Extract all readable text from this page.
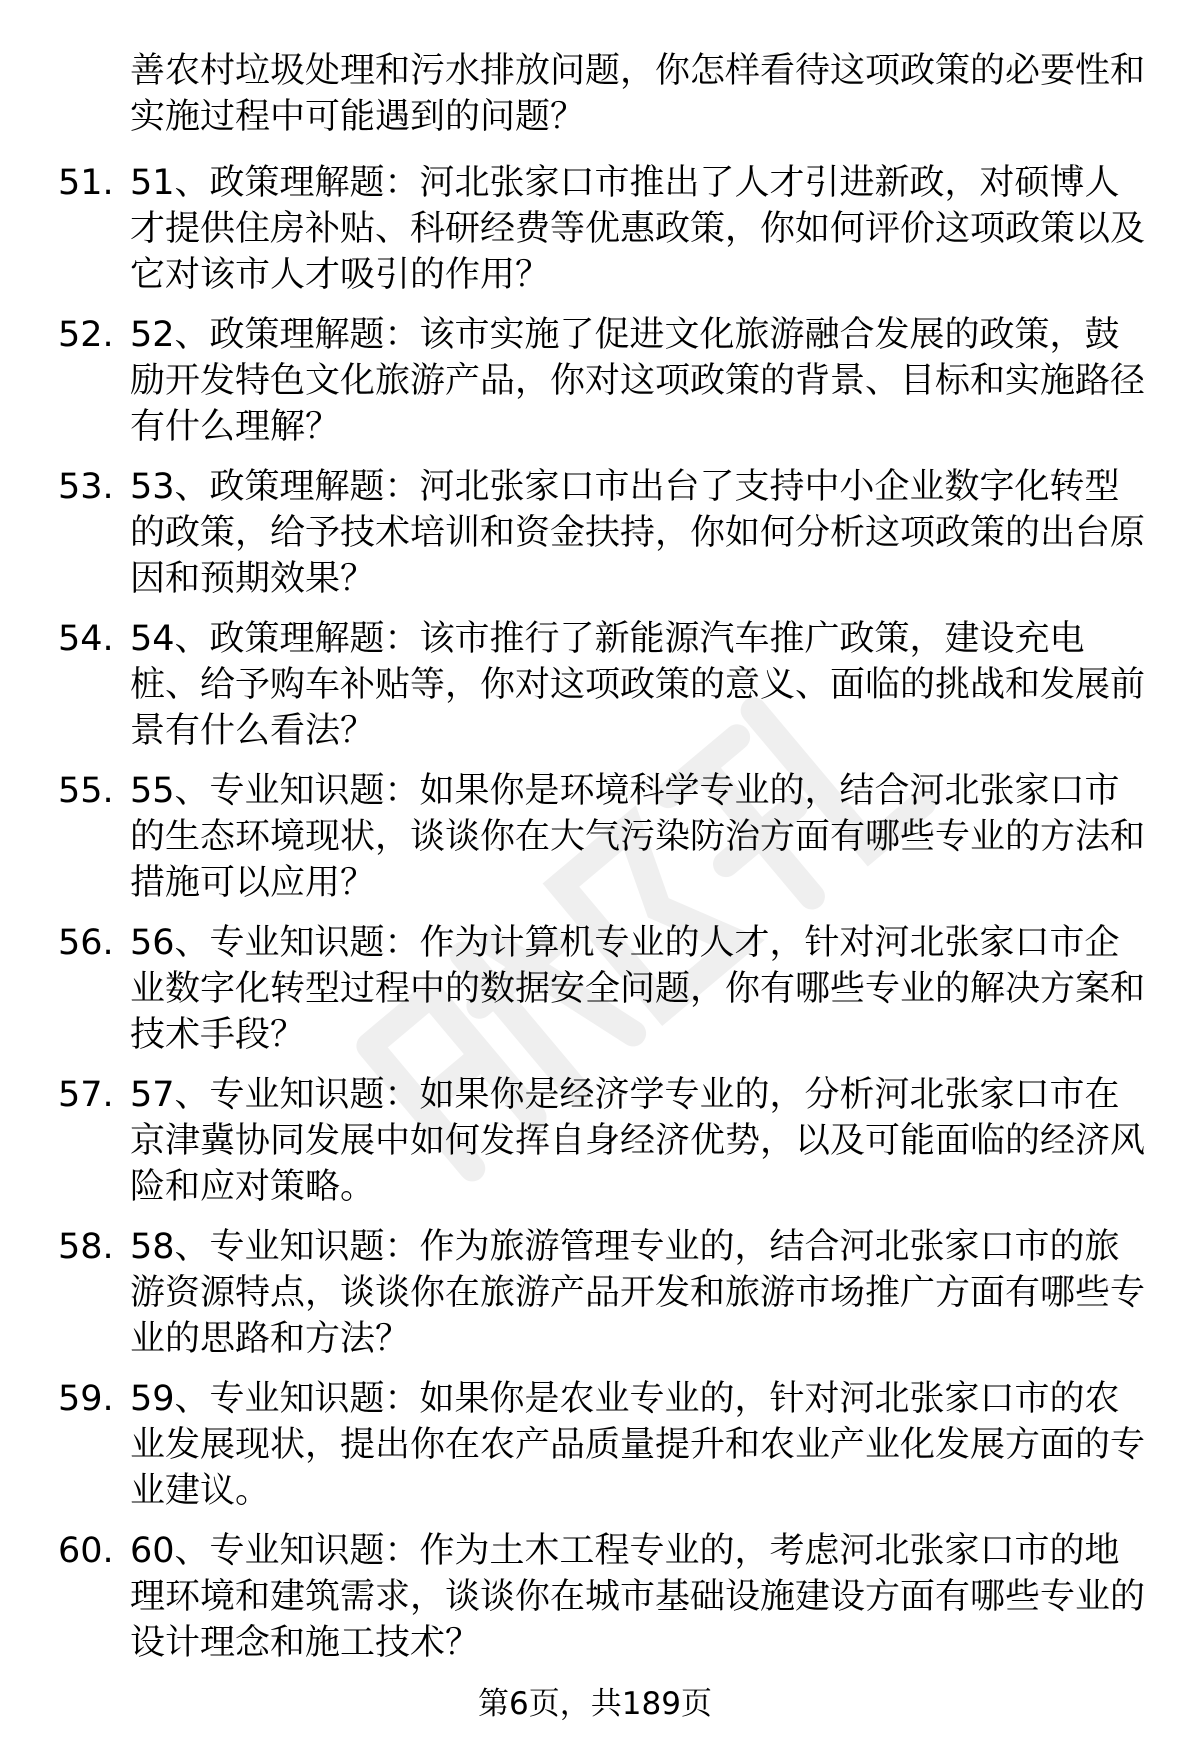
善农村垃圾处理和污水排放问题，你怎样看待这项政策的必要性和实施过程中可能遇到的问题？
51. 51、政策理解题：河北张家口市推出了人才引进新政，对硕博人才提供住房补贴、科研经费等优惠政策，你如何评价这项政策以及它对该市人才吸引的作用？
52. 52、政策理解题：该市实施了促进文化旅游融合发展的政策，鼓励开发特色文化旅游产品，你对这项政策的背景、目标和实施路径有什么理解？
53. 53、政策理解题：河北张家口市出台了支持中小企业数字化转型的政策，给予技术培训和资金扶持，你如何分析这项政策的出台原因和预期效果？
54. 54、政策理解题：该市推行了新能源汽车推广政策，建设充电桩、给予购车补贴等，你对这项政策的意义、面临的挑战和发展前景有什么看法？
55. 55、专业知识题：如果你是环境科学专业的，结合河北张家口市的生态环境现状，谈谈你在大气污染防治方面有哪些专业的方法和措施可以应用？
56. 56、专业知识题：作为计算机专业的人才，针对河北张家口市企业数字化转型过程中的数据安全问题，你有哪些专业的解决方案和技术手段？
57. 57、专业知识题：如果你是经济学专业的，分析河北张家口市在京津冀协同发展中如何发挥自身经济优势，以及可能面临的经济风险和应对策略。
58. 58、专业知识题：作为旅游管理专业的，结合河北张家口市的旅游资源特点，谈谈你在旅游产品开发和旅游市场推广方面有哪些专业的思路和方法？
59. 59、专业知识题：如果你是农业专业的，针对河北张家口市的农业发展现状，提出你在农产品质量提升和农业产业化发展方面的专业建议。
60. 60、专业知识题：作为土木工程专业的，考虑河北张家口市的地理环境和建筑需求，谈谈你在城市基础设施建设方面有哪些专业的设计理念和施工技术？
第6页，共189页
